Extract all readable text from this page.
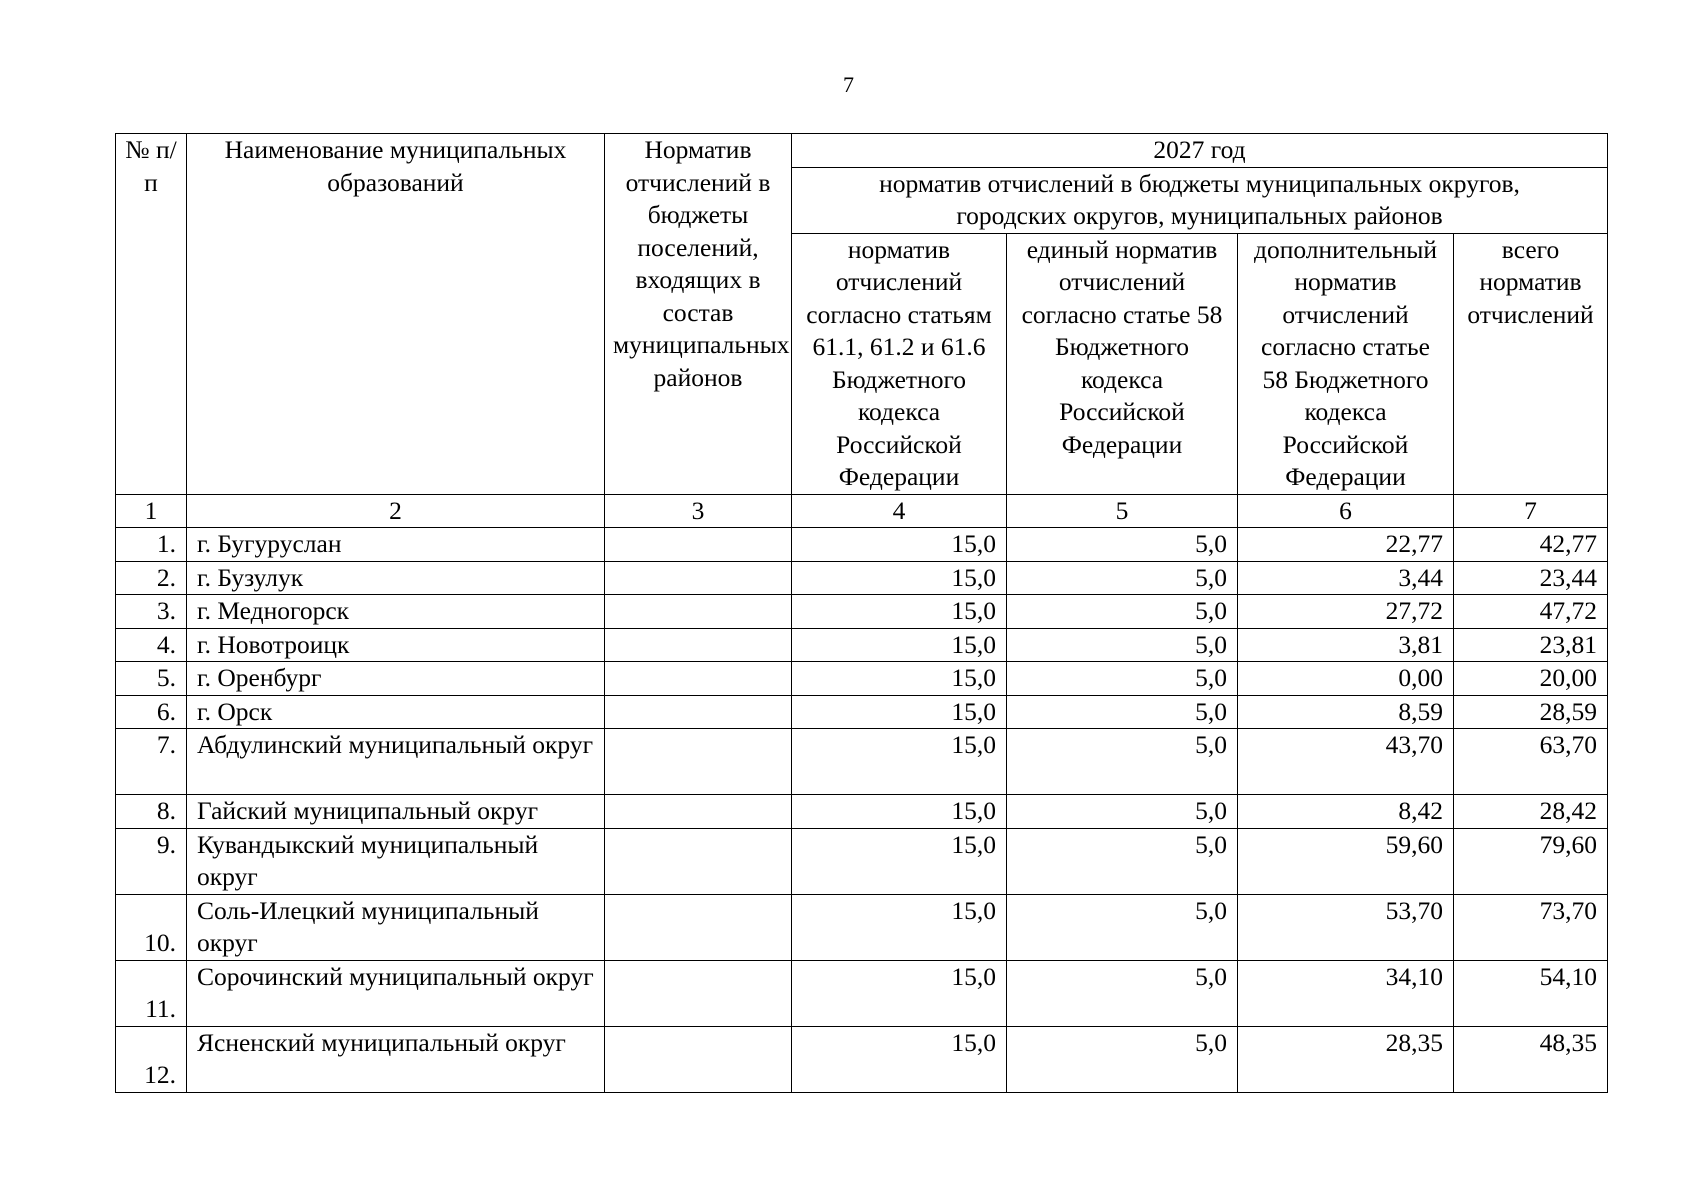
7
№ п/п	Наименование муниципальных образований	Норматив отчислений в бюджеты поселений, входящих в состав муниципальных районов	2027 год			
			норматив отчислений в бюджеты муниципальных округов, городских округов, муниципальных районов			
			норматив отчислений согласно статьям 61.1, 61.2 и 61.6 Бюджетного кодекса Российской Федерации	единый норматив отчислений согласно статье 58 Бюджетного кодекса Российской Федерации	дополнительный норматив отчислений согласно статье 58 Бюджетного кодекса Российской Федерации	всего норматив отчислений
1	2	3	4	5	6	7
1.	г. Бугуруслан		15,0	5,0	22,77	42,77
2.	г. Бузулук		15,0	5,0	3,44	23,44
3.	г. Медногорск		15,0	5,0	27,72	47,72
4.	г. Новотроицк		15,0	5,0	3,81	23,81
5.	г. Оренбург		15,0	5,0	0,00	20,00
6.	г. Орск		15,0	5,0	8,59	28,59
7.	Абдулинский муниципальный округ		15,0	5,0	43,70	63,70
8.	Гайский муниципальный округ		15,0	5,0	8,42	28,42
9.	Кувандыкский муниципальный округ		15,0	5,0	59,60	79,60
10.	Соль-Илецкий муниципальный округ		15,0	5,0	53,70	73,70
11.	Сорочинский муниципальный округ		15,0	5,0	34,10	54,10
12.	Ясненский муниципальный округ		15,0	5,0	28,35	48,35
